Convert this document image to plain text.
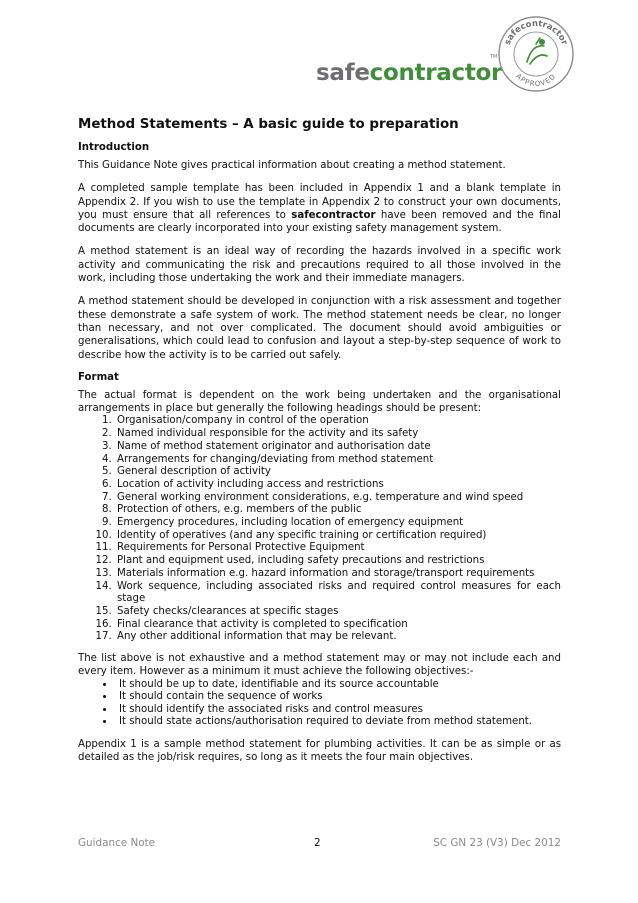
safecontractor
TM
safecontractor
APPROVED
Method Statements – A basic guide to preparation
Introduction

This Guidance Note gives practical information about creating a method statement.

A completed sample template has been included in Appendix 1 and a blank template in Appendix 2. If you wish to use the template in Appendix 2 to construct your own documents, you must ensure that all references to safecontractor have been removed and the final documents are clearly incorporated into your existing safety management system.

A method statement is an ideal way of recording the hazards involved in a specific work activity and communicating the risk and precautions required to all those involved in the work, including those undertaking the work and their immediate managers.

A method statement should be developed in conjunction with a risk assessment and together these demonstrate a safe system of work. The method statement needs be clear, no longer than necessary, and not over complicated. The document should avoid ambiguities or generalisations, which could lead to confusion and layout a step-by-step sequence of work to describe how the activity is to be carried out safely.

Format

The actual format is dependent on the work being undertaken and the organisational arrangements in place but generally the following headings should be present:

1. Organisation/company in control of the operation
2. Named individual responsible for the activity and its safety
3. Name of method statement originator and authorisation date
4. Arrangements for changing/deviating from method statement
5. General description of activity
6. Location of activity including access and restrictions
7. General working environment considerations, e.g. temperature and wind speed
8. Protection of others, e.g. members of the public
9. Emergency procedures, including location of emergency equipment
10. Identity of operatives (and any specific training or certification required)
11. Requirements for Personal Protective Equipment
12. Plant and equipment used, including safety precautions and restrictions
13. Materials information e.g. hazard information and storage/transport requirements
14. Work sequence, including associated risks and required control measures for each stage
15. Safety checks/clearances at specific stages
16. Final clearance that activity is completed to specification
17. Any other additional information that may be relevant.

The list above is not exhaustive and a method statement may or may not include each and every item. However as a minimum it must achieve the following objectives:-

• It should be up to date, identifiable and its source accountable
• It should contain the sequence of works
• It should identify the associated risks and control measures
• It should state actions/authorisation required to deviate from method statement.

Appendix 1 is a sample method statement for plumbing activities. It can be as simple or as detailed as the job/risk requires, so long as it meets the four main objectives.

Guidance Note	2	SC GN 23 (V3) Dec 2012
